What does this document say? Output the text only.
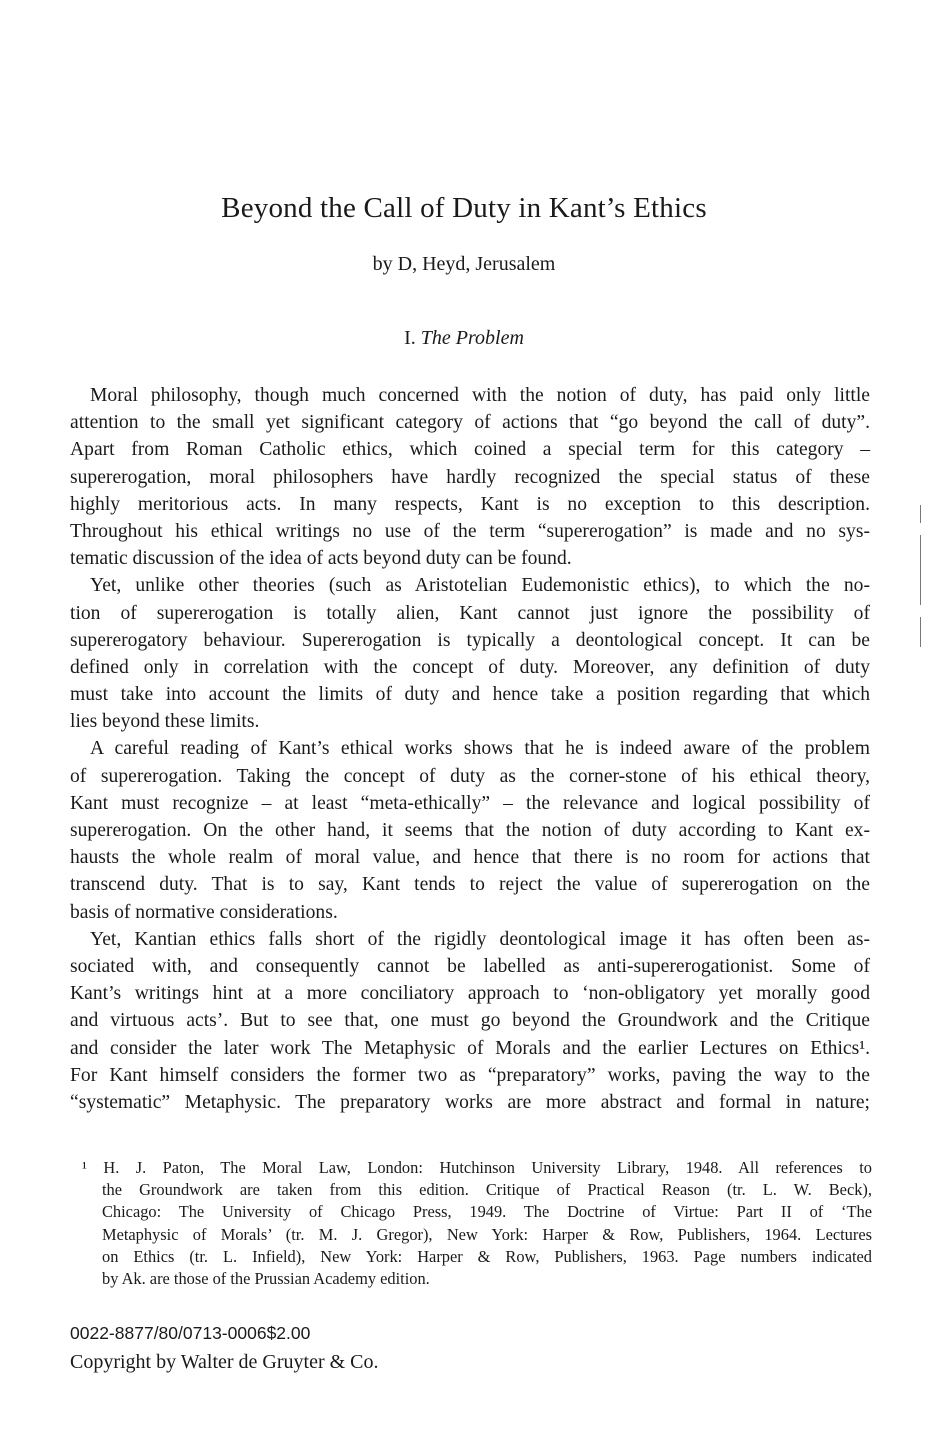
Beyond the Call of Duty in Kant’s Ethics
by D, Heyd, Jerusalem
I. The Problem
Moral philosophy, though much concerned with the notion of duty, has paid only little
attention to the small yet significant category of actions that “go beyond the call of duty”.
Apart from Roman Catholic ethics, which coined a special term for this category –
supererogation, moral philosophers have hardly recognized the special status of these
highly meritorious acts. In many respects, Kant is no exception to this description.
Throughout his ethical writings no use of the term “supererogation” is made and no sys-
tematic discussion of the idea of acts beyond duty can be found.
Yet, unlike other theories (such as Aristotelian Eudemonistic ethics), to which the no-
tion of supererogation is totally alien, Kant cannot just ignore the possibility of
supererogatory behaviour. Supererogation is typically a deontological concept. It can be
defined only in correlation with the concept of duty. Moreover, any definition of duty
must take into account the limits of duty and hence take a position regarding that which
lies beyond these limits.
A careful reading of Kant’s ethical works shows that he is indeed aware of the problem
of supererogation. Taking the concept of duty as the corner-stone of his ethical theory,
Kant must recognize – at least “meta-ethically” – the relevance and logical possibility of
supererogation. On the other hand, it seems that the notion of duty according to Kant ex-
hausts the whole realm of moral value, and hence that there is no room for actions that
transcend duty. That is to say, Kant tends to reject the value of supererogation on the
basis of normative considerations.
Yet, Kantian ethics falls short of the rigidly deontological image it has often been as-
sociated with, and consequently cannot be labelled as anti-supererogationist. Some of
Kant’s writings hint at a more conciliatory approach to ‘non-obligatory yet morally good
and virtuous acts’. But to see that, one must go beyond the Groundwork and the Critique
and consider the later work The Metaphysic of Morals and the earlier Lectures on Ethics¹.
For Kant himself considers the former two as “preparatory” works, paving the way to the
“systematic” Metaphysic. The preparatory works are more abstract and formal in nature;
¹ H. J. Paton, The Moral Law, London: Hutchinson University Library, 1948. All references to
the Groundwork are taken from this edition. Critique of Practical Reason (tr. L. W. Beck),
Chicago: The University of Chicago Press, 1949. The Doctrine of Virtue: Part II of ‘The
Metaphysic of Morals’ (tr. M. J. Gregor), New York: Harper & Row, Publishers, 1964. Lectures
on Ethics (tr. L. Infield), New York: Harper & Row, Publishers, 1963. Page numbers indicated
by Ak. are those of the Prussian Academy edition.
0022-8877/80/0713-0006$2.00
Copyright by Walter de Gruyter & Co.
